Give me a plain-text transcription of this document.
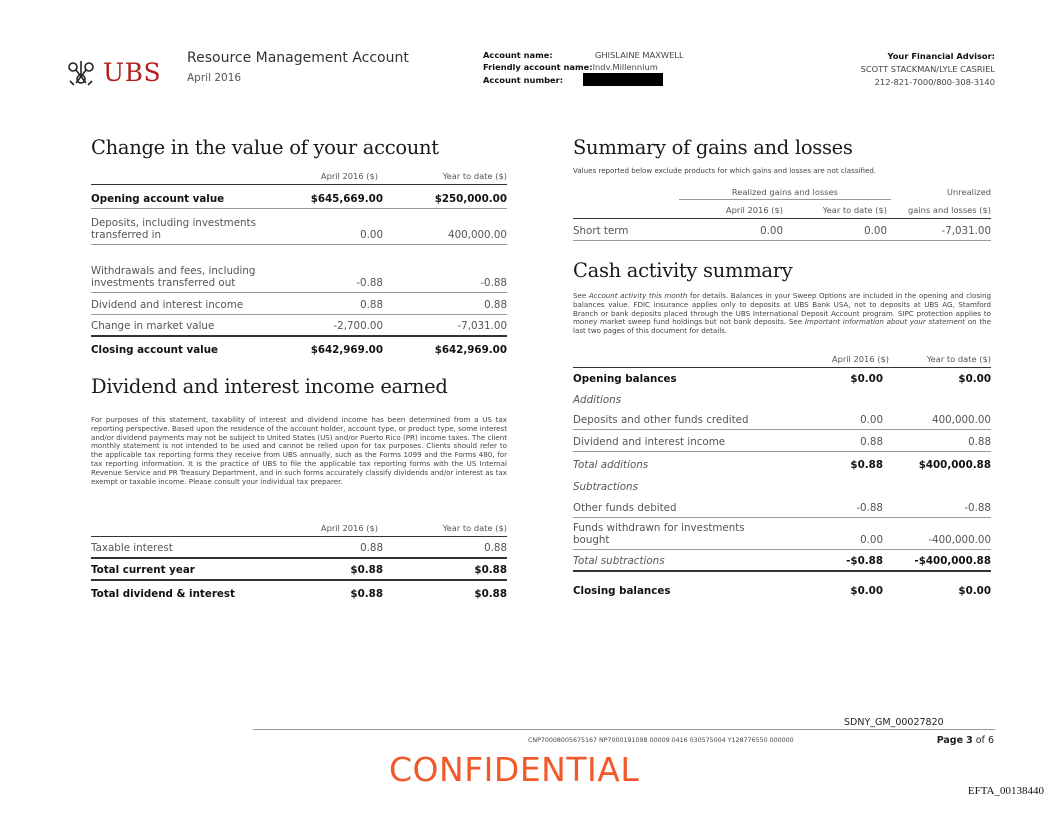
UBS Resource Management Account
April 2016
Account name:	GHISLAINE MAXWELL
Friendly account name:Indv.Millennium
Account number:
Your Financial Advisor:
SCOTT STACKMAN/LYLE CASRIEL
212-821-7000/800-308-3140
Change in the value of your account
April 2016 ($)	Year to date ($)
Opening account value	$645,669.00	$250,000.00
Deposits, including investments transferred in	0.00	400,000.00
Withdrawals and fees, including investments transferred out	-0.88	-0.88
Dividend and interest income	0.88	0.88
Change in market value	-2,700.00	-7,031.00
Closing account value	$642,969.00	$642,969.00
Dividend and interest income earned
For purposes of this statement, taxability of interest and dividend income has been determined from a US tax reporting perspective. Based upon the residence of the account holder, account type, or product type, some interest and/or dividend payments may not be subject to United States (US) and/or Puerto Rico (PR) income taxes. The client monthly statement is not intended to be used and cannot be relied upon for tax purposes. Clients should refer to the applicable tax reporting forms they receive from UBS annually, such as the Forms 1099 and the Forms 480, for tax reporting information. It is the practice of UBS to file the applicable tax reporting forms with the US Internal Revenue Service and PR Treasury Department, and in such forms accurately classify dividends and/or interest as tax exempt or taxable income. Please consult your individual tax preparer.
April 2016 ($)	Year to date ($)
Taxable interest	0.88	0.88
Total current year	$0.88	$0.88
Total dividend & interest	$0.88	$0.88
Summary of gains and losses
Values reported below exclude products for which gains and losses are not classified.
Realized gains and losses	Unrealized
April 2016 ($)	Year to date ($)	gains and losses ($)
Short term	0.00	0.00	-7,031.00
Cash activity summary
See Account activity this month for details. Balances in your Sweep Options are included in the opening and closing balances value. FDIC insurance applies only to deposits at UBS Bank USA, not to deposits at UBS AG, Stamford Branch or bank deposits placed through the UBS International Deposit Account program. SIPC protection applies to money market sweep fund holdings but not bank deposits. See Important information about your statement on the last two pages of this document for details.
April 2016 ($)	Year to date ($)
Opening balances	$0.00	$0.00
Additions
Deposits and other funds credited	0.00	400,000.00
Dividend and interest income	0.88	0.88
Total additions	$0.88	$400,000.88
Subtractions
Other funds debited	-0.88	-0.88
Funds withdrawn for investments bought	0.00	-400,000.00
Total subtractions	-$0.88	-$400,000.88
Closing balances	$0.00	$0.00
SDNY_GM_00027820
CNP70008005675167 NP7000191098 00009 0416 030575004 Y128776550 000000	Page 3 of 6
CONFIDENTIAL
EFTA_00138440
